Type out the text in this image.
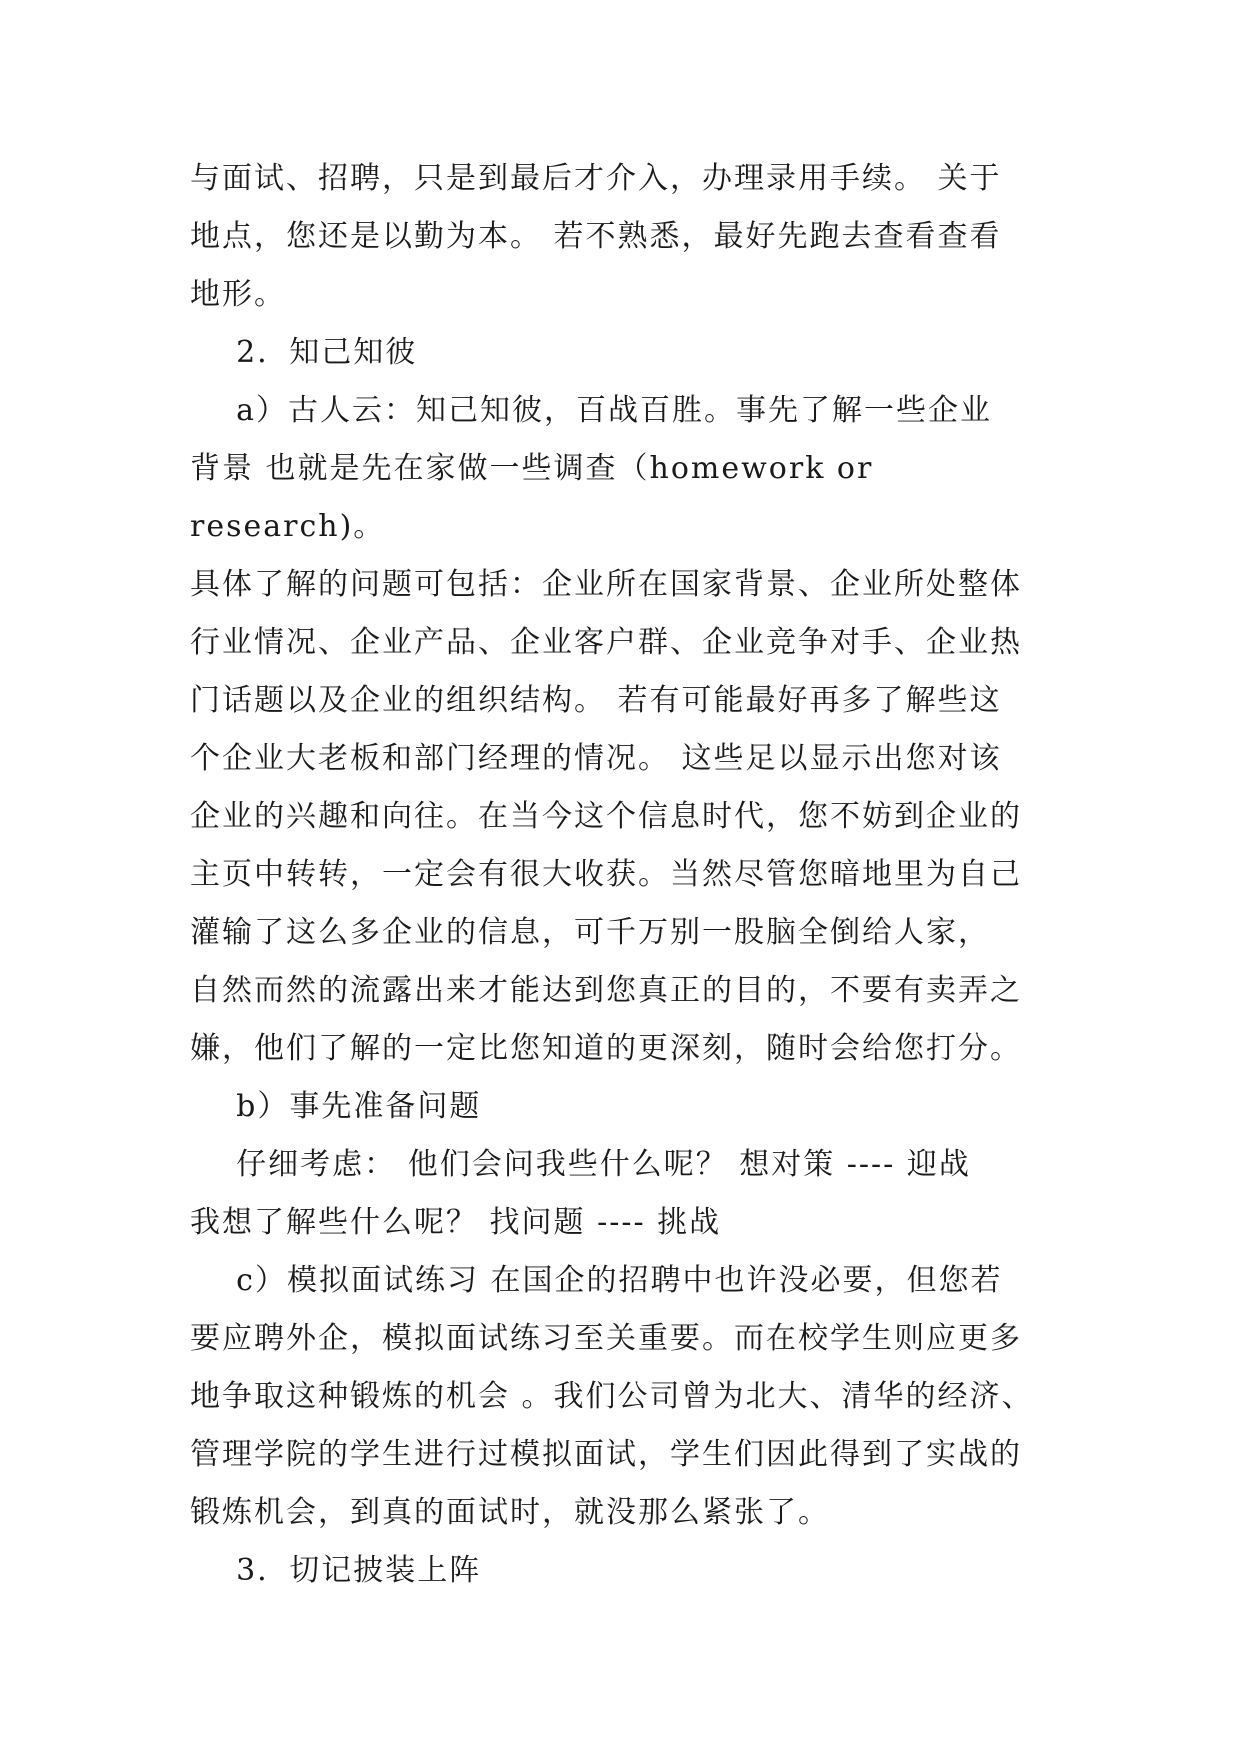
与面试、招聘，只是到最后才介入，办理录用手续。 关于
地点，您还是以勤为本。 若不熟悉，最好先跑去查看查看
地形。
2．知己知彼
a）古人云：知己知彼，百战百胜。事先了解一些企业
背景 也就是先在家做一些调查（homework or research)。
具体了解的问题可包括：企业所在国家背景、企业所处整体
行业情况、企业产品、企业客户群、企业竞争对手、企业热
门话题以及企业的组织结构。 若有可能最好再多了解些这
个企业大老板和部门经理的情况。 这些足以显示出您对该
企业的兴趣和向往。在当今这个信息时代，您不妨到企业的
主页中转转，一定会有很大收获。当然尽管您暗地里为自己
灌输了这么多企业的信息，可千万别一股脑全倒给人家，
自然而然的流露出来才能达到您真正的目的，不要有卖弄之
嫌，他们了解的一定比您知道的更深刻，随时会给您打分。
b）事先准备问题
仔细考虑： 他们会问我些什么呢？ 想对策 ---- 迎战
我想了解些什么呢？ 找问题 ---- 挑战
c）模拟面试练习 在国企的招聘中也许没必要，但您若
要应聘外企，模拟面试练习至关重要。而在校学生则应更多
地争取这种锻炼的机会 。我们公司曾为北大、清华的经济、
管理学院的学生进行过模拟面试，学生们因此得到了实战的
锻炼机会，到真的面试时，就没那么紧张了。
3．切记披装上阵
